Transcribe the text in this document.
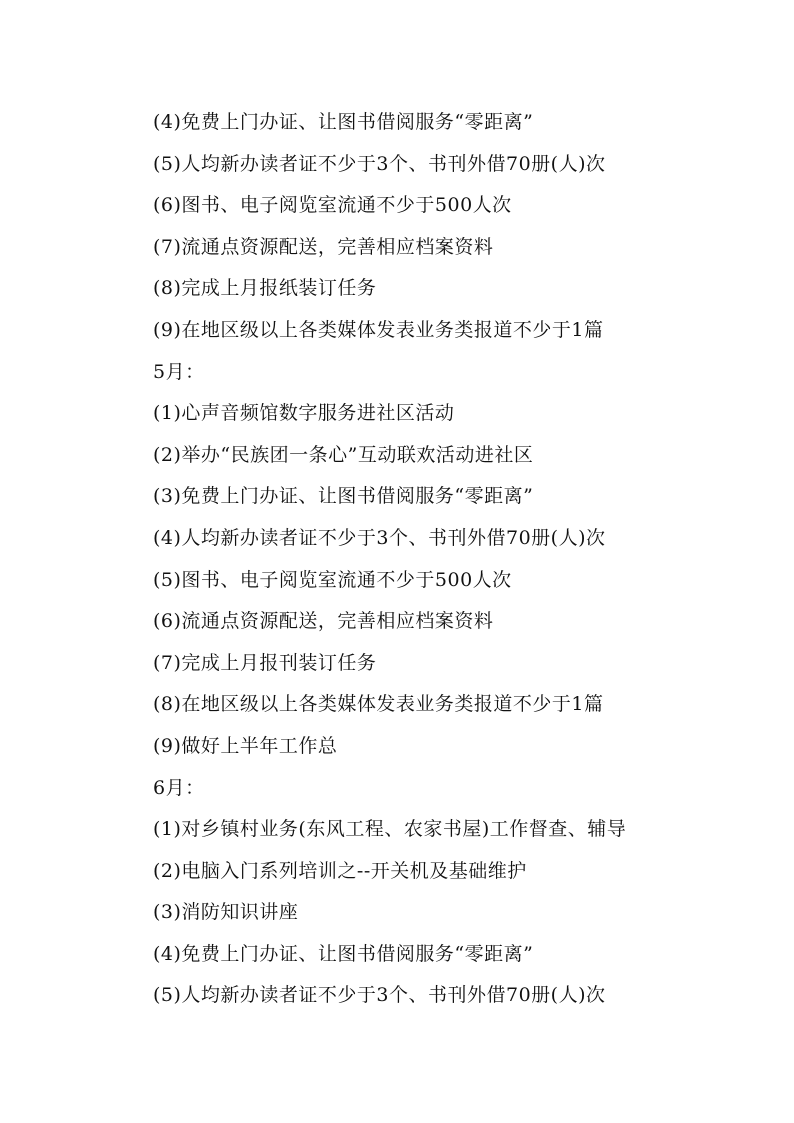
(4)免费上门办证、让图书借阅服务“零距离”

(5)人均新办读者证不少于3个、书刊外借70册(人)次

(6)图书、电子阅览室流通不少于500人次

(7)流通点资源配送，完善相应档案资料

(8)完成上月报纸装订任务

(9)在地区级以上各类媒体发表业务类报道不少于1篇

5月：

(1)心声音频馆数字服务进社区活动

(2)举办“民族团一条心”互动联欢活动进社区

(3)免费上门办证、让图书借阅服务“零距离”

(4)人均新办读者证不少于3个、书刊外借70册(人)次

(5)图书、电子阅览室流通不少于500人次

(6)流通点资源配送，完善相应档案资料

(7)完成上月报刊装订任务

(8)在地区级以上各类媒体发表业务类报道不少于1篇

(9)做好上半年工作总

6月：

(1)对乡镇村业务(东风工程、农家书屋)工作督查、辅导

(2)电脑入门系列培训之--开关机及基础维护

(3)消防知识讲座

(4)免费上门办证、让图书借阅服务“零距离”

(5)人均新办读者证不少于3个、书刊外借70册(人)次
